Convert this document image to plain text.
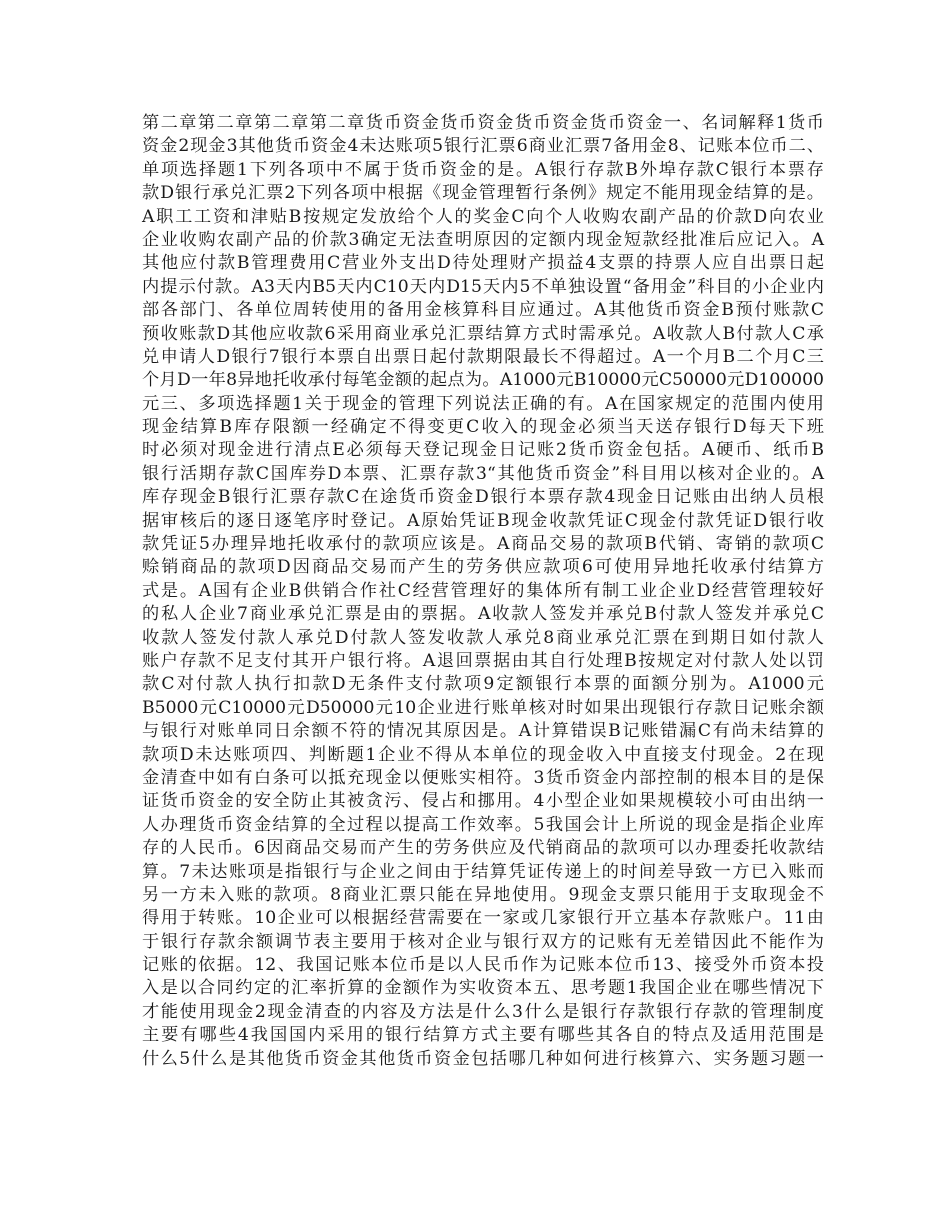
第二章第二章第二章第二章货币资金货币资金货币资金货币资金一、名词解释1货币
资金2现金3其他货币资金4未达账项5银行汇票6商业汇票7备用金8、记账本位币二、
单项选择题1下列各项中不属于货币资金的是。A银行存款B外埠存款C银行本票存
款D银行承兑汇票2下列各项中根据《现金管理暂行条例》规定不能用现金结算的是。
A职工工资和津贴B按规定发放给个人的奖金C向个人收购农副产品的价款D向农业
企业收购农副产品的价款3确定无法查明原因的定额内现金短款经批准后应记入。A
其他应付款B管理费用C营业外支出D待处理财产损益4支票的持票人应自出票日起
内提示付款。A3天内B5天内C10天内D15天内5不单独设置“备用金”科目的小企业内
部各部门、各单位周转使用的备用金核算科目应通过。A其他货币资金B预付账款C
预收账款D其他应收款6采用商业承兑汇票结算方式时需承兑。A收款人B付款人C承
兑申请人D银行7银行本票自出票日起付款期限最长不得超过。A一个月B二个月C三
个月D一年8异地托收承付每笔金额的起点为。A1000元B10000元C50000元D100000
元三、多项选择题1关于现金的管理下列说法正确的有。A在国家规定的范围内使用
现金结算B库存限额一经确定不得变更C收入的现金必须当天送存银行D每天下班
时必须对现金进行清点E必须每天登记现金日记账2货币资金包括。A硬币、纸币B
银行活期存款C国库券D本票、汇票存款3“其他货币资金”科目用以核对企业的。A
库存现金B银行汇票存款C在途货币资金D银行本票存款4现金日记账由出纳人员根
据审核后的逐日逐笔序时登记。A原始凭证B现金收款凭证C现金付款凭证D银行收
款凭证5办理异地托收承付的款项应该是。A商品交易的款项B代销、寄销的款项C
赊销商品的款项D因商品交易而产生的劳务供应款项6可使用异地托收承付结算方
式是。A国有企业B供销合作社C经营管理好的集体所有制工业企业D经营管理较好
的私人企业7商业承兑汇票是由的票据。A收款人签发并承兑B付款人签发并承兑C
收款人签发付款人承兑D付款人签发收款人承兑8商业承兑汇票在到期日如付款人
账户存款不足支付其开户银行将。A退回票据由其自行处理B按规定对付款人处以罚
款C对付款人执行扣款D无条件支付款项9定额银行本票的面额分别为。A1000元
B5000元C10000元D50000元10企业进行账单核对时如果出现银行存款日记账余额
与银行对账单同日余额不符的情况其原因是。A计算错误B记账错漏C有尚未结算的
款项D未达账项四、判断题1企业不得从本单位的现金收入中直接支付现金。2在现
金清查中如有白条可以抵充现金以便账实相符。3货币资金内部控制的根本目的是保
证货币资金的安全防止其被贪污、侵占和挪用。4小型企业如果规模较小可由出纳一
人办理货币资金结算的全过程以提高工作效率。5我国会计上所说的现金是指企业库
存的人民币。6因商品交易而产生的劳务供应及代销商品的款项可以办理委托收款结
算。7未达账项是指银行与企业之间由于结算凭证传递上的时间差导致一方已入账而
另一方未入账的款项。8商业汇票只能在异地使用。9现金支票只能用于支取现金不
得用于转账。10企业可以根据经营需要在一家或几家银行开立基本存款账户。11由
于银行存款余额调节表主要用于核对企业与银行双方的记账有无差错因此不能作为
记账的依据。12、我国记账本位币是以人民币作为记账本位币13、接受外币资本投
入是以合同约定的汇率折算的金额作为实收资本五、思考题1我国企业在哪些情况下
才能使用现金2现金清查的内容及方法是什么3什么是银行存款银行存款的管理制度
主要有哪些4我国国内采用的银行结算方式主要有哪些其各自的特点及适用范围是
什么5什么是其他货币资金其他货币资金包括哪几种如何进行核算六、实务题习题一
